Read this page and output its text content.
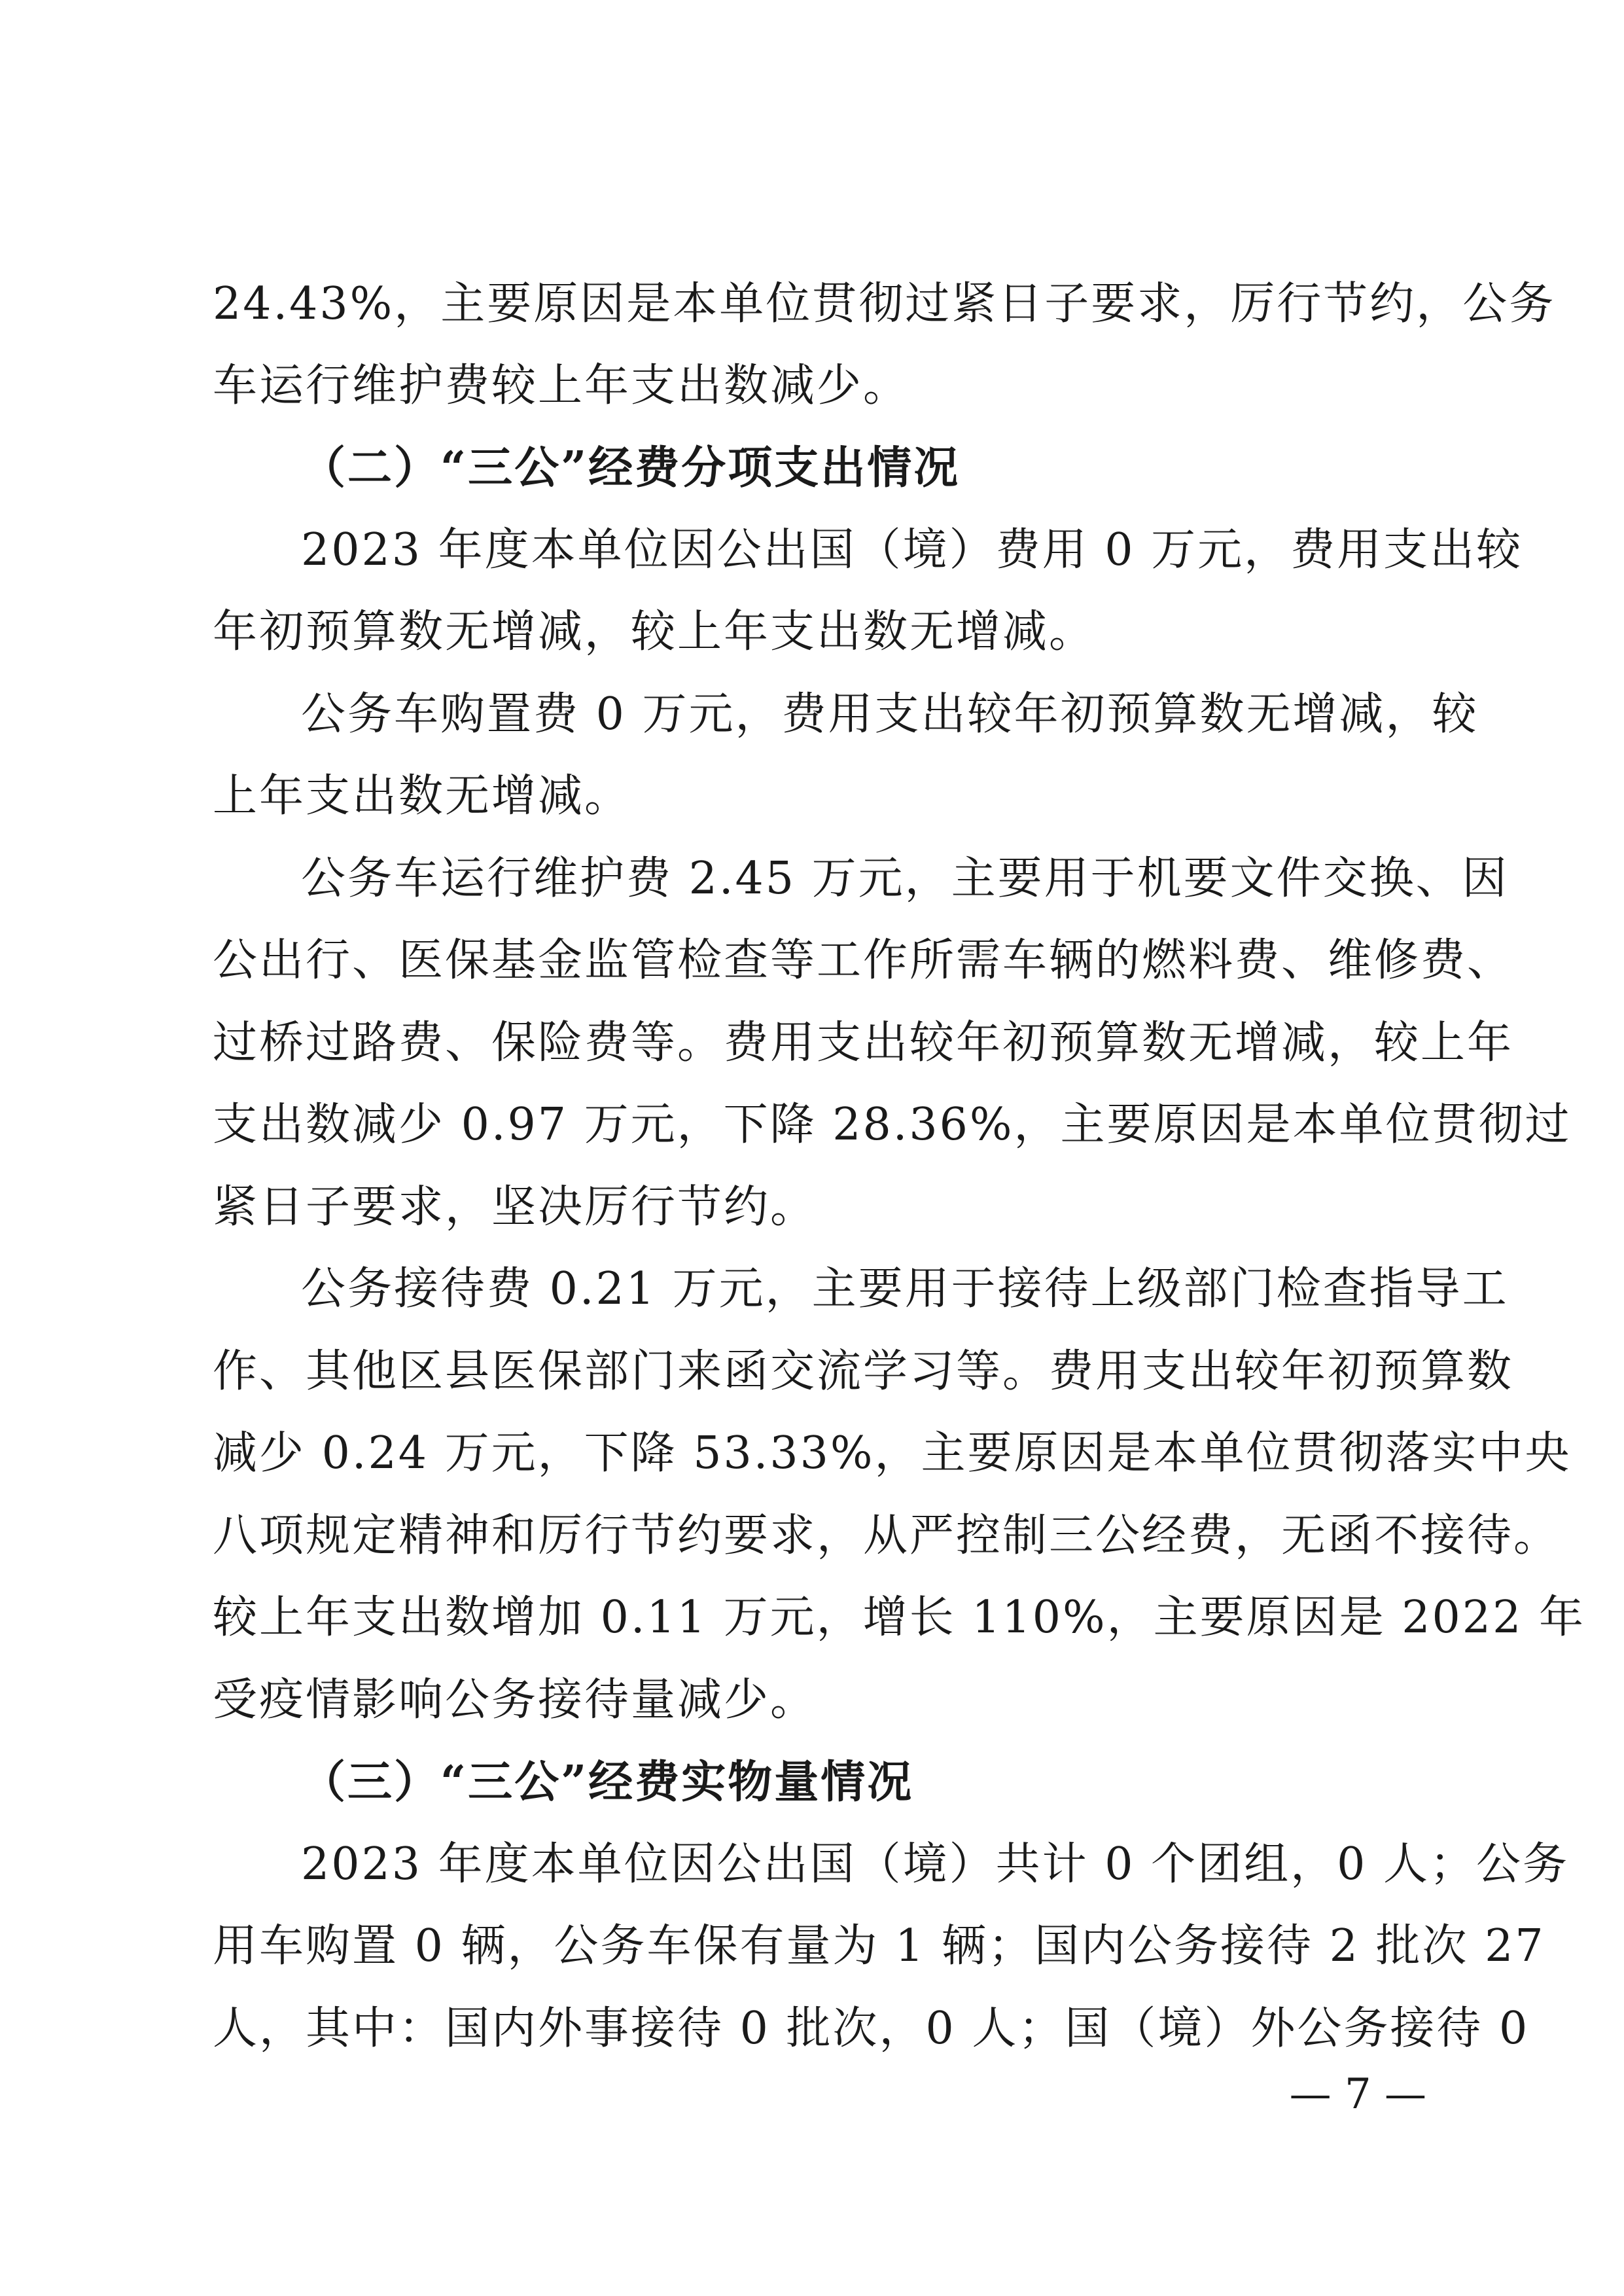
24.43%，主要原因是本单位贯彻过紧日子要求，厉行节约，公务
车运行维护费较上年支出数减少。
（二）“三公”经费分项支出情况
2023 年度本单位因公出国（境）费用 0 万元，费用支出较
年初预算数无增减，较上年支出数无增减。
公务车购置费 0 万元，费用支出较年初预算数无增减，较
上年支出数无增减。
公务车运行维护费 2.45 万元，主要用于机要文件交换、因
公出行、医保基金监管检查等工作所需车辆的燃料费、维修费、
过桥过路费、保险费等。费用支出较年初预算数无增减，较上年
支出数减少 0.97 万元，下降 28.36%，主要原因是本单位贯彻过
紧日子要求，坚决厉行节约。
公务接待费 0.21 万元，主要用于接待上级部门检查指导工
作、其他区县医保部门来函交流学习等。费用支出较年初预算数
减少 0.24 万元，下降 53.33%，主要原因是本单位贯彻落实中央
八项规定精神和厉行节约要求，从严控制三公经费，无函不接待。
较上年支出数增加 0.11 万元，增长 110%，主要原因是 2022 年
受疫情影响公务接待量减少。
（三）“三公”经费实物量情况
2023 年度本单位因公出国（境）共计 0 个团组，0 人；公务
用车购置 0 辆，公务车保有量为 1 辆；国内公务接待 2 批次 27
人，其中：国内外事接待 0 批次，0 人；国（境）外公务接待 0
— 7 —
